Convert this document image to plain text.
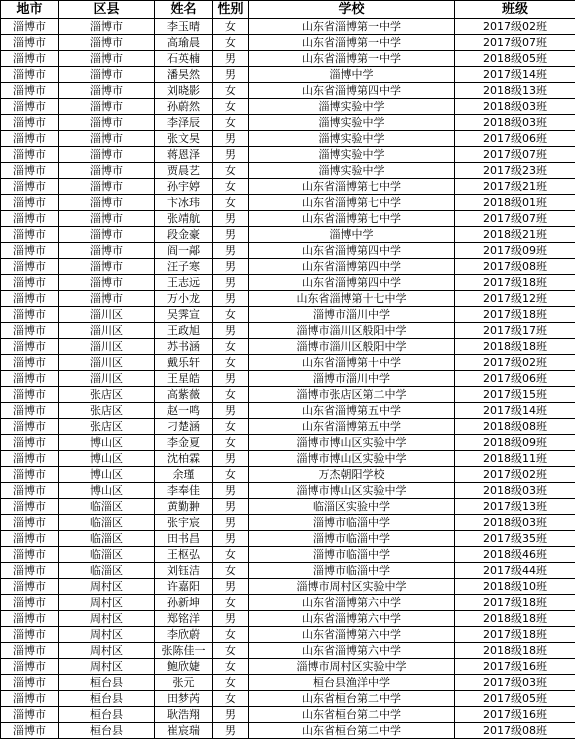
地市	区县	姓名	性别	学校	班级
淄博市	淄博市	李玉晴	女	山东省淄博第一中学	2017级02班
淄博市	淄博市	高瑜晨	女	山东省淄博第一中学	2017级07班
淄博市	淄博市	石英楠	男	山东省淄博第一中学	2018级05班
淄博市	淄博市	潘昊然	男	淄博中学	2017级14班
淄博市	淄博市	刘晓影	女	山东省淄博第四中学	2018级13班
淄博市	淄博市	孙蔚然	女	淄博实验中学	2018级03班
淄博市	淄博市	李泽辰	女	淄博实验中学	2018级03班
淄博市	淄博市	张文昊	男	淄博实验中学	2017级06班
淄博市	淄博市	蒋恩泽	男	淄博实验中学	2017级07班
淄博市	淄博市	贾晨艺	女	淄博实验中学	2017级23班
淄博市	淄博市	孙宇婷	女	山东省淄博第七中学	2017级21班
淄博市	淄博市	卞冰玮	女	山东省淄博第七中学	2018级01班
淄博市	淄博市	张靖航	男	山东省淄博第七中学	2017级07班
淄博市	淄博市	段金豪	男	淄博中学	2018级21班
淄博市	淄博市	阎一鄗	男	山东省淄博第四中学	2017级09班
淄博市	淄博市	汪子寒	男	山东省淄博第四中学	2017级08班
淄博市	淄博市	王志远	男	山东省淄博第四中学	2017级18班
淄博市	淄博市	万小龙	男	山东省淄博第十七中学	2017级12班
淄博市	淄川区	吴霁宣	女	淄博市淄川中学	2017级18班
淄博市	淄川区	王政旭	男	淄博市淄川区般阳中学	2017级17班
淄博市	淄川区	苏书涵	女	淄博市淄川区般阳中学	2018级18班
淄博市	淄川区	戴乐轩	女	山东省淄博第十中学	2017级02班
淄博市	淄川区	王星皓	男	淄博市淄川中学	2017级06班
淄博市	张店区	高紫薇	女	淄博市张店区第二中学	2017级15班
淄博市	张店区	赵一鸣	男	山东省淄博第五中学	2017级14班
淄博市	张店区	刁楚涵	女	山东省淄博第五中学	2018级08班
淄博市	博山区	李金夏	女	淄博市博山区实验中学	2018级09班
淄博市	博山区	沈柏霖	男	淄博市博山区实验中学	2018级11班
淄博市	博山区	余瑾	女	万杰朝阳学校	2017级02班
淄博市	博山区	李奉佳	男	淄博市博山区实验中学	2018级03班
淄博市	临淄区	黄勤翀	男	临淄区实验中学	2017级13班
淄博市	临淄区	张宇宸	男	淄博市临淄中学	2018级03班
淄博市	临淄区	田书昌	男	淄博市临淄中学	2017级35班
淄博市	临淄区	王枢弘	女	淄博市临淄中学	2018级46班
淄博市	临淄区	刘钰洁	女	淄博市临淄中学	2017级44班
淄博市	周村区	许嘉阳	男	淄博市周村区实验中学	2018级10班
淄博市	周村区	孙新坤	女	山东省淄博第六中学	2017级18班
淄博市	周村区	郑铭洋	男	山东省淄博第六中学	2018级18班
淄博市	周村区	李欣蔚	女	山东省淄博第六中学	2017级18班
淄博市	周村区	张陈佳一	女	山东省淄博第六中学	2018级18班
淄博市	周村区	鲍欣婕	女	淄博市周村区实验中学	2017级16班
淄博市	桓台县	张元	女	桓台县渔洋中学	2017级03班
淄博市	桓台县	田梦芮	女	山东省桓台第二中学	2017级05班
淄博市	桓台县	耿浩翔	男	山东省桓台第二中学	2017级16班
淄博市	桓台县	崔宸瑞	男	山东省桓台第二中学	2017级08班
